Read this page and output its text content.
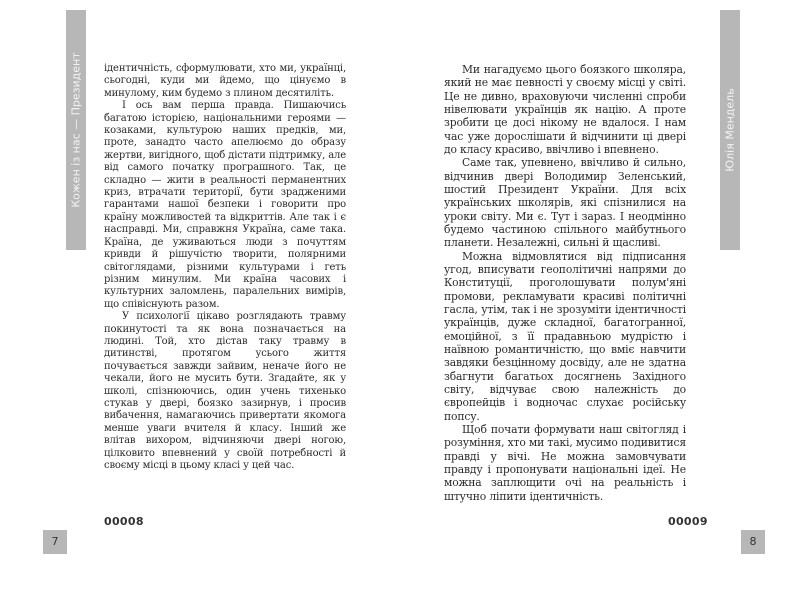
Кожен із нас — Президент ідентичність, сформулювати, хто ми, українці, сьогодні, куди ми йдемо, що цінуємо в минулому, ким будемо з плином десятиліть.

І ось вам перша правда. Пишаючись багатою історією, національними героями — козаками, культурою наших предків, ми, проте, занадто часто апелюємо до образу жертви, вигідного, щоб дістати підтримку, але від самого початку програшного. Так, це складно — жити в реальності перманентних криз, втрачати території, бути зрадженими гарантами нашої безпеки і говорити про країну можливостей та відкриттів. Але так і є насправді. Ми, справжня Україна, саме така. Країна, де уживаються люди з почуттям кривди й рішучістю творити, полярними світоглядами, різними культурами і геть різним минулим. Ми країна часових і культурних заломлень, паралельних вимірів, що співіснують разом.

У психології цікаво розглядають травму покинутості та як вона позначається на людині. Той, хто дістав таку травму в дитинстві, протягом усього життя почувається завжди зайвим, неначе його не чекали, його не мусить бути. Згадайте, як у школі, спізнюючись, один учень тихенько стукав у двері, боязко зазирнув, і просив вибачення, намагаючись привертати якомога менше уваги вчителя й класу. Інший же влітав вихором, відчиняючи двері ногою, цілковито впевнений у своїй потребності й своєму місці в цьому класі у цей час.

00008
7
Юлія Мендель

Ми нагадуємо цього боязкого школяра, який не має певності у своєму місці у світі. Це не дивно, враховуючи численні спроби нівелювати українців як націю. А проте зробити це досі нікому не вдалося. І нам час уже дорослішати й відчинити ці двері до класу красиво, ввічливо і впевнено.

Саме так, упевнено, ввічливо й сильно, відчинив двері Володимир Зеленський, шостий Президент України. Для всіх українських школярів, які спізнилися на уроки світу. Ми є. Тут і зараз. І неодмінно будемо частиною спільного майбутнього планети. Незалежні, сильні й щасливі.

Можна відмовлятися від підписання угод, вписувати геополітичні напрями до Конституції, проголошувати полум'яні промови, рекламувати красиві політичні гасла, утім, так і не зрозуміти ідентичності українців, дуже складної, багатогранної, емоційної, з її прадавньою мудрістю і наївною романтичністю, що вміє навчити завдяки безцінному досвіду, але не здатна збагнути багатьох досягнень Західного світу, відчуває свою належність до європейців і водночас слухає російську попсу.

Щоб почати формувати наш світогляд і розуміння, хто ми такі, мусимо подивитися правді у вічі. Не можна замовчувати правду і пропонувати національні ідеї. Не можна заплющити очі на реальність і штучно ліпити ідентичність.

00009
8
